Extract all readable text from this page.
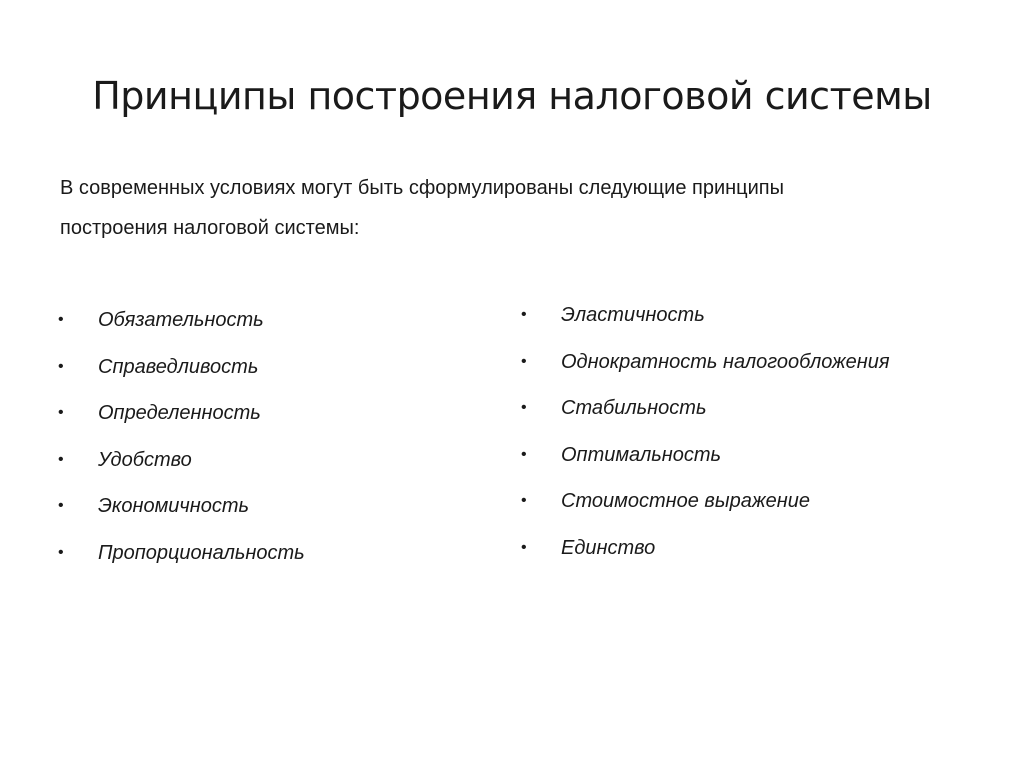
Принципы построения налоговой системы

В современных условиях могут быть сформулированы следующие принципы

построения налоговой системы:

•	Обязательность
•	Справедливость
•	Определенность
•	Удобство
•	Экономичность
•	Пропорциональность
•	Эластичность
•	Однократность налогообложения
•	Стабильность
•	Оптимальность
•	Стоимостное выражение
•	Единство
